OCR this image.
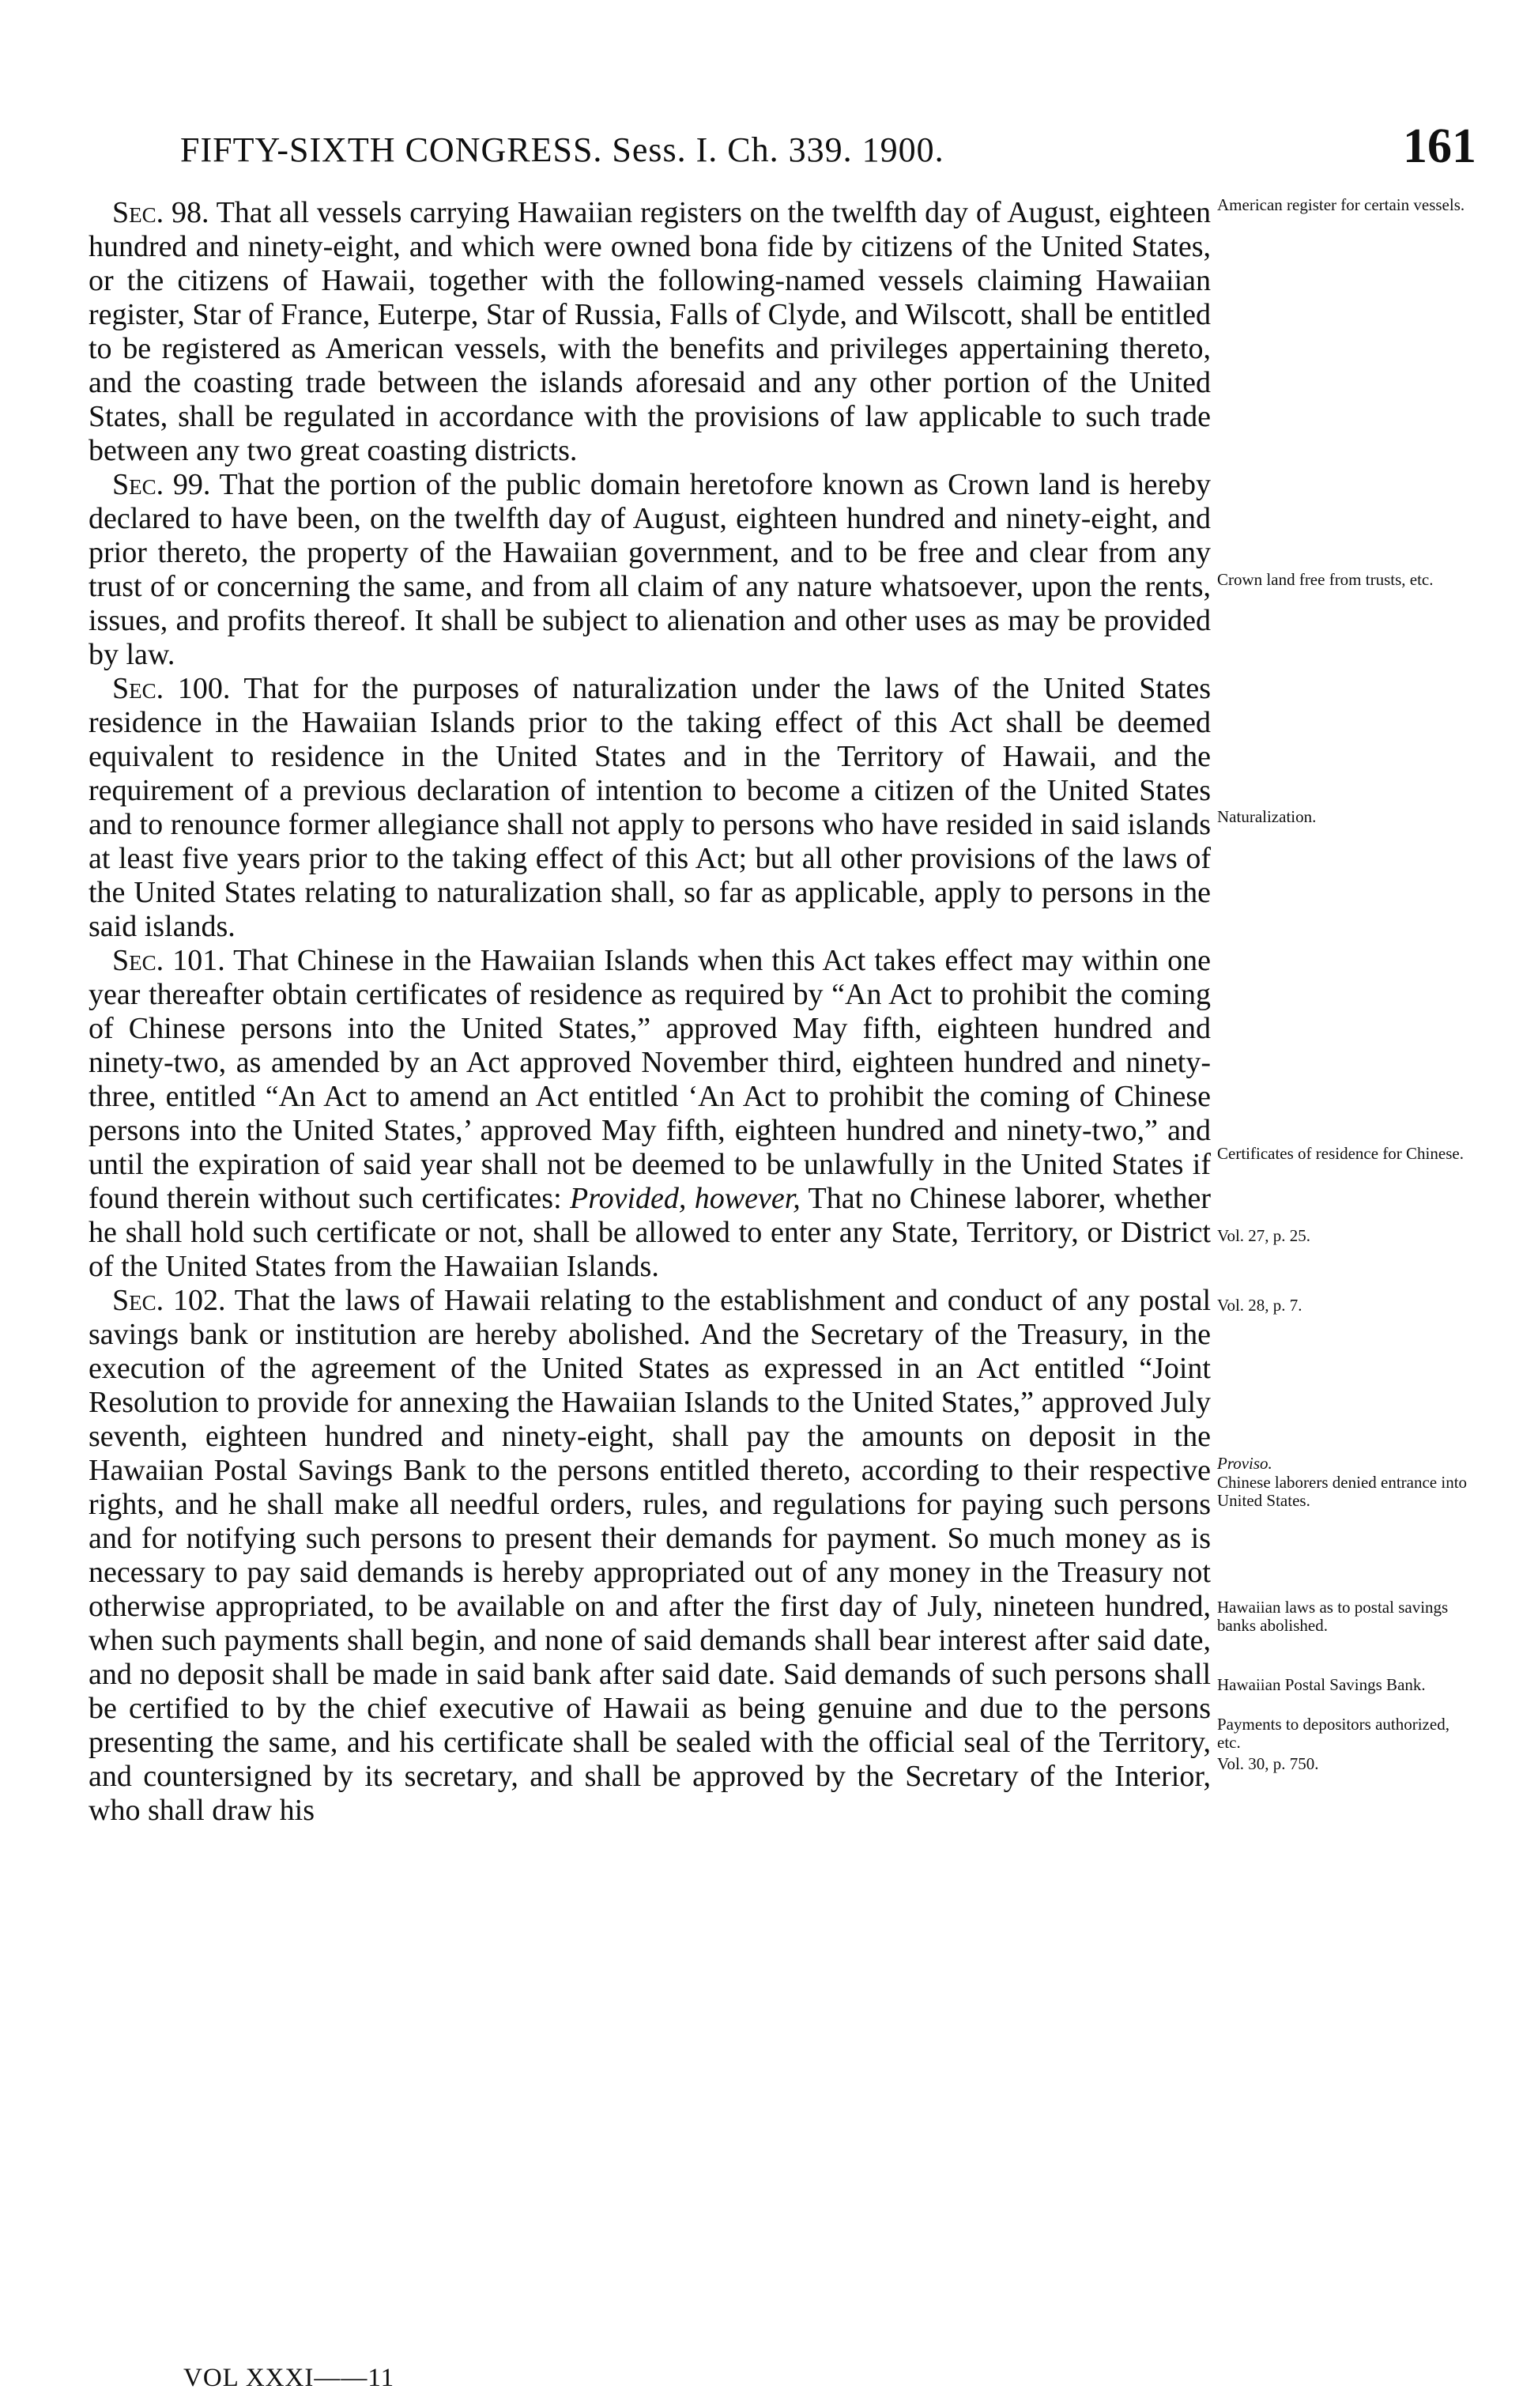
FIFTY-SIXTH CONGRESS. Sess. I. Ch. 339. 1900.	161

Sec. 98. That all vessels carrying Hawaiian registers on the twelfth day of August, eighteen hundred and ninety-eight, and which were owned bona fide by citizens of the United States, or the citizens of Hawaii, together with the following-named vessels claiming Hawaiian register, Star of France, Euterpe, Star of Russia, Falls of Clyde, and Wilscott, shall be entitled to be registered as American vessels, with the benefits and privileges appertaining thereto, and the coasting trade between the islands aforesaid and any other portion of the United States, shall be regulated in accordance with the provisions of law applicable to such trade between any two great coasting districts.

Sec. 99. That the portion of the public domain heretofore known as Crown land is hereby declared to have been, on the twelfth day of August, eighteen hundred and ninety-eight, and prior thereto, the property of the Hawaiian government, and to be free and clear from any trust of or concerning the same, and from all claim of any nature whatsoever, upon the rents, issues, and profits thereof. It shall be subject to alienation and other uses as may be provided by law.

Sec. 100. That for the purposes of naturalization under the laws of the United States residence in the Hawaiian Islands prior to the taking effect of this Act shall be deemed equivalent to residence in the United States and in the Territory of Hawaii, and the requirement of a previous declaration of intention to become a citizen of the United States and to renounce former allegiance shall not apply to persons who have resided in said islands at least five years prior to the taking effect of this Act; but all other provisions of the laws of the United States relating to naturalization shall, so far as applicable, apply to persons in the said islands.

Sec. 101. That Chinese in the Hawaiian Islands when this Act takes effect may within one year thereafter obtain certificates of residence as required by “An Act to prohibit the coming of Chinese persons into the United States,” approved May fifth, eighteen hundred and ninety-two, as amended by an Act approved November third, eighteen hundred and ninety-three, entitled “An Act to amend an Act entitled ‘An Act to prohibit the coming of Chinese persons into the United States,’ approved May fifth, eighteen hundred and ninety-two,” and until the expiration of said year shall not be deemed to be unlawfully in the United States if found therein without such certificates: Provided, however, That no Chinese laborer, whether he shall hold such certificate or not, shall be allowed to enter any State, Territory, or District of the United States from the Hawaiian Islands.

Sec. 102. That the laws of Hawaii relating to the establishment and conduct of any postal savings bank or institution are hereby abolished. And the Secretary of the Treasury, in the execution of the agreement of the United States as expressed in an Act entitled “Joint Resolution to provide for annexing the Hawaiian Islands to the United States,” approved July seventh, eighteen hundred and ninety-eight, shall pay the amounts on deposit in the Hawaiian Postal Savings Bank to the persons entitled thereto, according to their respective rights, and he shall make all needful orders, rules, and regulations for paying such persons and for notifying such persons to present their demands for payment. So much money as is necessary to pay said demands is hereby appropriated out of any money in the Treasury not otherwise appropriated, to be available on and after the first day of July, nineteen hundred, when such payments shall begin, and none of said demands shall bear interest after said date, and no deposit shall be made in said bank after said date. Said demands of such persons shall be certified to by the chief executive of Hawaii as being genuine and due to the persons presenting the same, and his certificate shall be sealed with the official seal of the Territory, and countersigned by its secretary, and shall be approved by the Secretary of the Interior, who shall draw his

American register for certain vessels.
Crown land free from trusts, etc.
Naturalization.
Certificates of residence for Chinese.
Vol. 27, p. 25.
Vol. 28, p. 7.
Proviso.
Chinese laborers denied entrance into United States.
Hawaiian laws as to postal savings banks abolished.
Hawaiian Postal Savings Bank.
Payments to depositors authorized, etc.
Vol. 30, p. 750.
VOL XXXI——11
